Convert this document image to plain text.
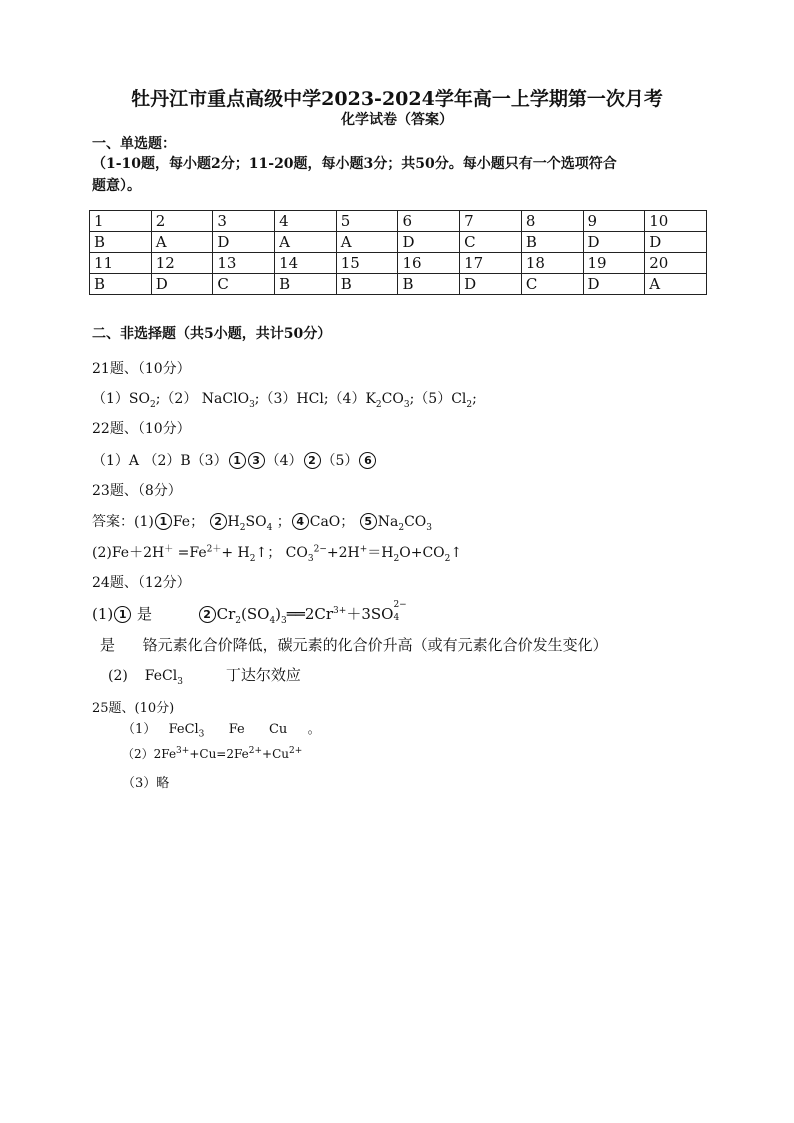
牡丹江市重点高级中学2023-2024学年高一上学期第一次月考
化学试卷（答案）
一、单选题：
（1-10题，每小题2分；11-20题，每小题3分；共50分。每小题只有一个选项符合
题意）。
1	2	3	4	5	6	7	8	9	10
B	A	D	A	A	D	C	B	D	D
11	12	13	14	15	16	17	18	19	20
B	D	C	B	B	B	D	C	D	A
二、非选择题（共5小题，共计50分）
21题、（10分）
$(1)SO_2;(2)$ $NaClO_3;(3)HCl;(4)K_2CO_3;(5)Cl_2$;
22题、（10分）
（1）A （2）B（3） 1 3 （4） 2 （5） 6
23题、（8分）
答案：(1) 1 Fe； 2 $H_2SO_4$ ； 4 CaO； 5 $Na_2CO_3$
$(2)Fe+2H^+ =Fe^{2+}+$ $H_2↑$； $CO_3^{2-}+2H^+=H_2O+CO_2↑$
24题、（12分）
(1) 1 是	2 $Cr_2(SO_4)_3══2Cr^{3+}+3SO$ 2−
4
是 铬元素化合价降低，碳元素的化合价升高（或有元素化合价发生变化）
(2) FeCl$_3$	丁达尔效应
25题、(10分)
（1） FeCl$_3$ Fe Cu 。
$(2)2Fe^{3+}+Cu=2Fe^{2+}+Cu^{2+}$
（3）略
